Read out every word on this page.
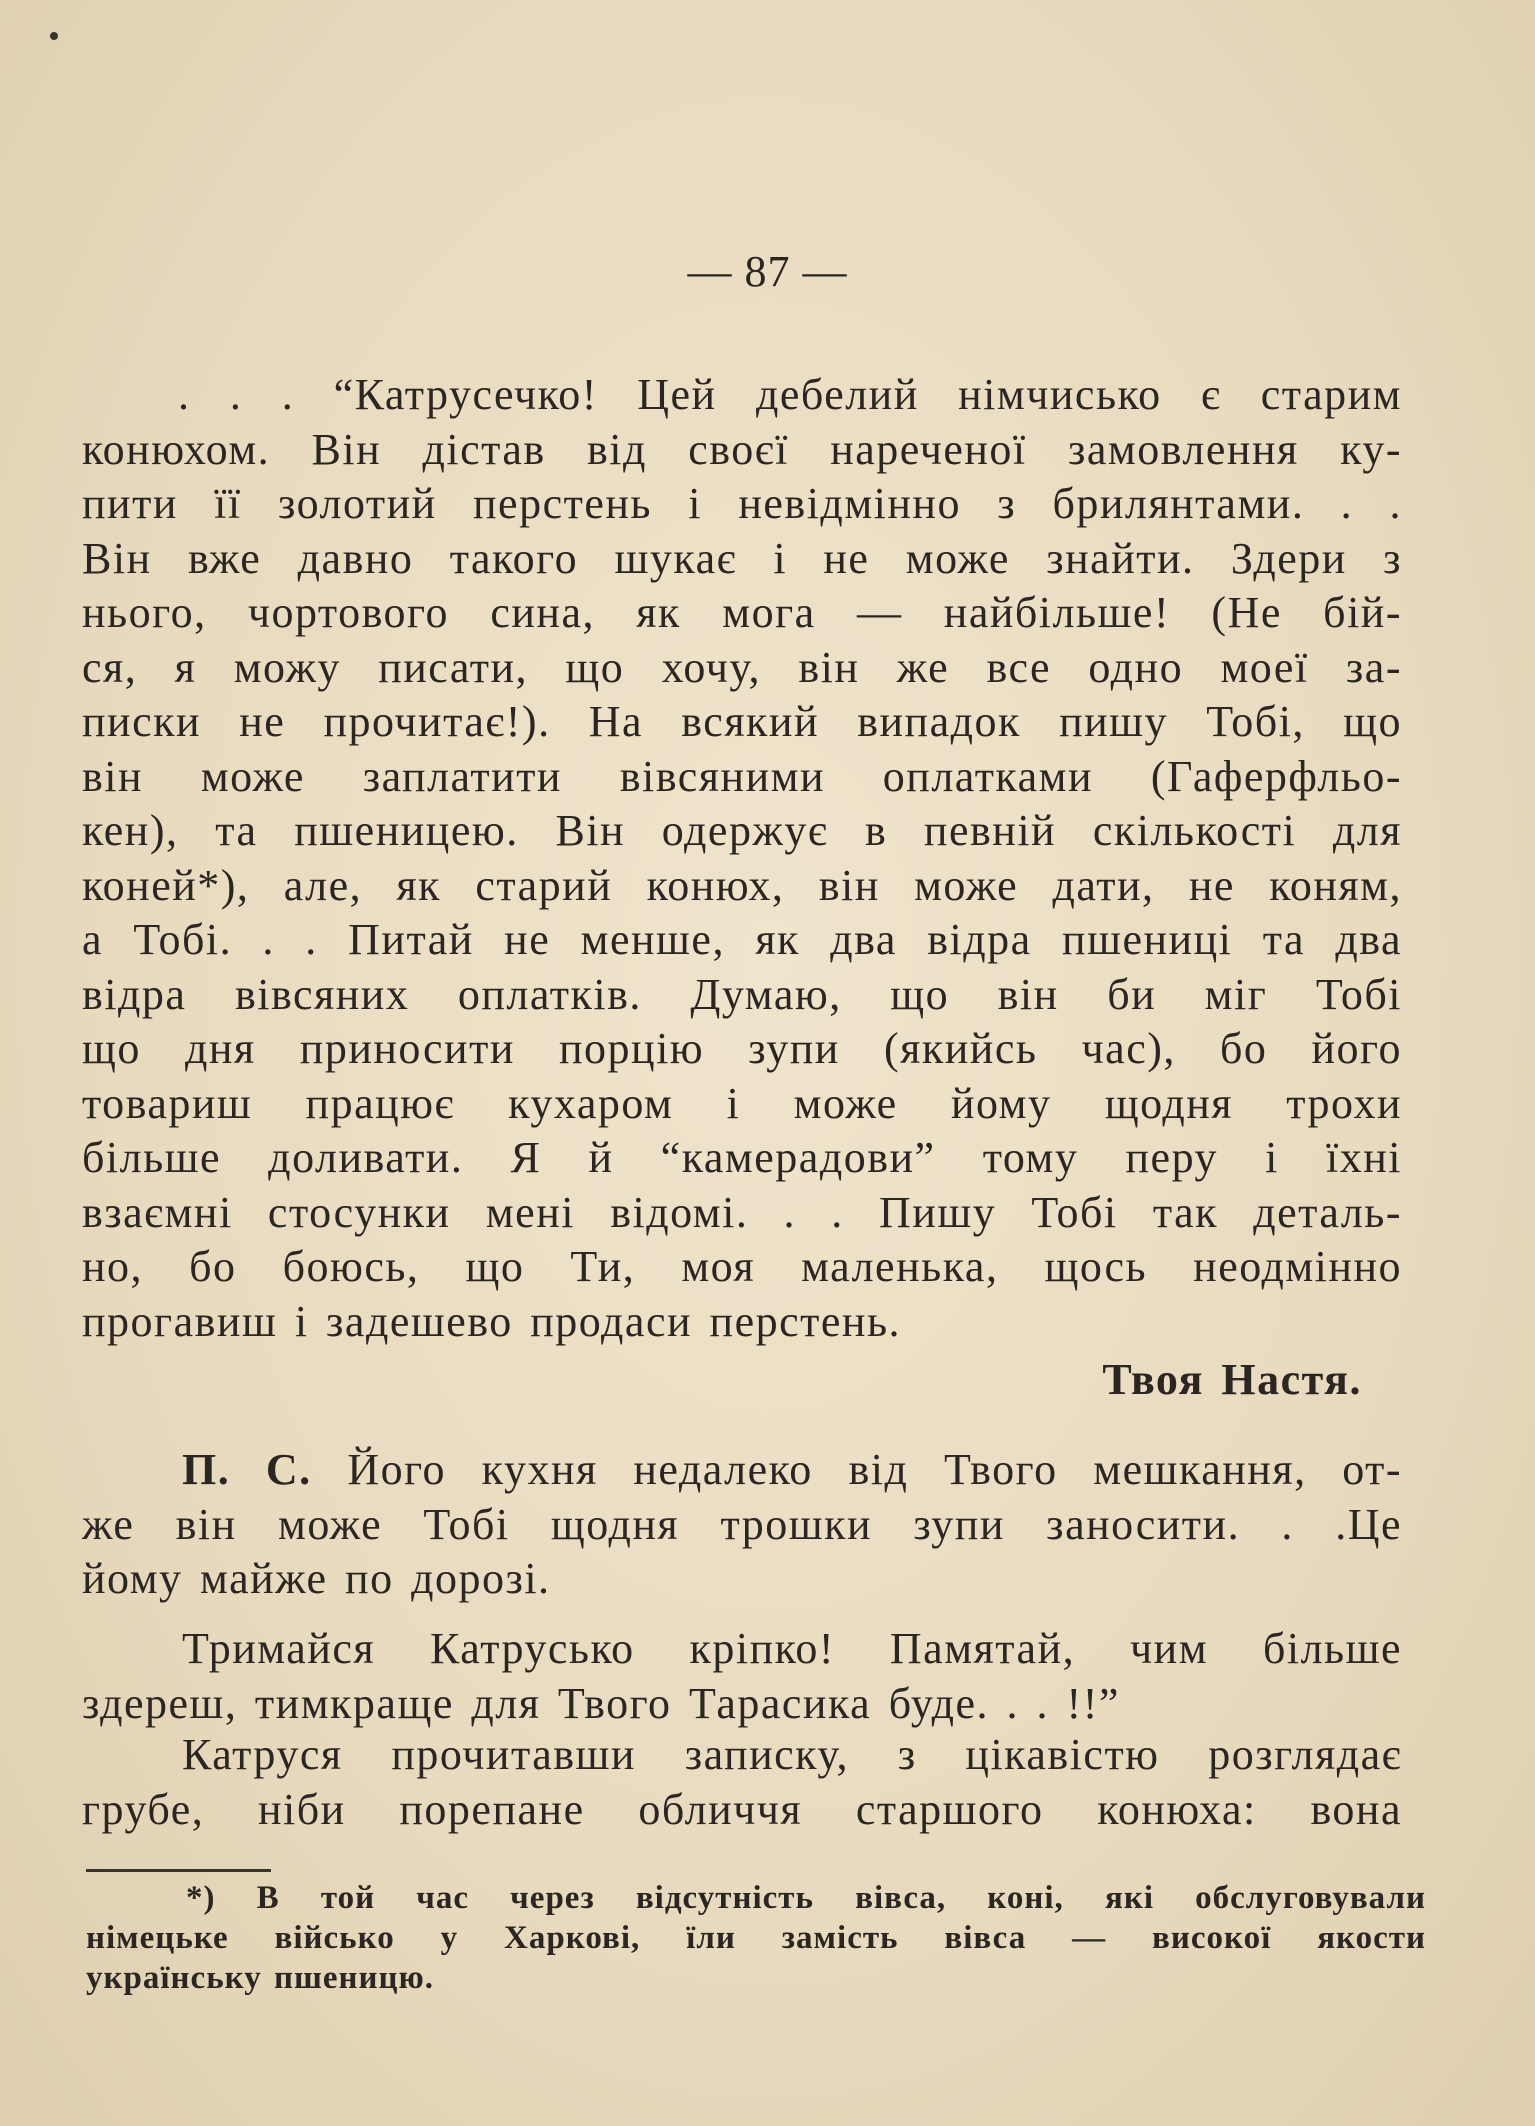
— 87 —
. . . “Катрусечко! Цей дебелий німчисько є старим
конюхом. Він дістав від своєї нареченої замовлення ку-
пити її золотий перстень і невідмінно з брилянтами. . .
Він вже давно такого шукає і не може знайти. Здери з
нього, чортового сина, як мога — найбільше! (Не бій-
ся, я можу писати, що хочу, він же все одно моеї за-
писки не прочитає!). На всякий випадок пишу Тобі, що
він може заплатити вівсяними оплатками (Гаферфльо-
кен), та пшеницею. Він одержує в певній скількості для
коней*), але, як старий конюх, він може дати, не коням,
а Тобі. . . Питай не менше, як два відра пшениці та два
відра вівсяних оплатків. Думаю, що він би міг Тобі
що дня приносити порцію зупи (якийсь час), бо його
товариш працює кухаром і може йому щодня трохи
більше доливати. Я й “камерадови” тому перу і їхні
взаємні стосунки мені відомі. . . Пишу Тобі так деталь-
но, бо боюсь, що Ти, моя маленька, щось неодмінно
прогавиш і задешево продаси перстень.
Твоя Настя.
П. С. Його кухня недалеко від Твого мешкання, от-
же він може Тобі щодня трошки зупи заносити. . .Це
йому майже по дорозі.
Тримайся Катрусько кріпко! Памятай, чим більше
здереш, тимкраще для Твого Тарасика буде. . . !!”
Катруся прочитавши записку, з цікавістю розглядає
грубе, ніби порепане обличчя старшого конюха: вона
*) В той час через відсутність вівса, коні, які обслуговували
німецьке військо у Харкові, їли замість вівса — високої якости
українську пшеницю.
